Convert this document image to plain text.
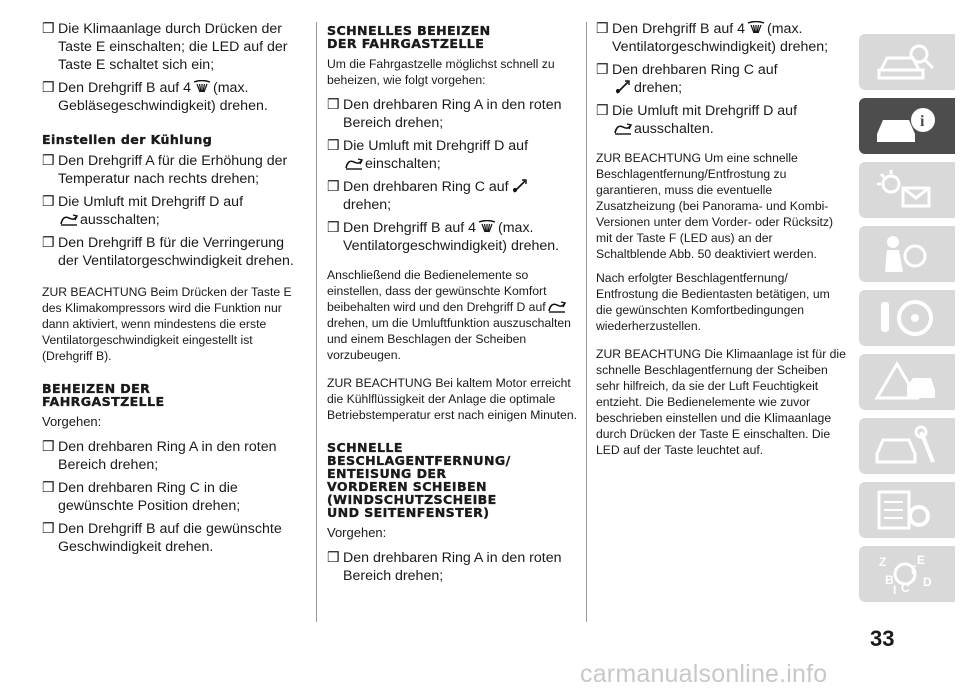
❒ Die Klimaanlage durch Drücken der Taste E einschalten; die LED auf der Taste E schaltet sich ein;

❒ Den Drehgriff B auf 4 (max. Gebläsegeschwindigkeit) drehen.

Einstellen der Kühlung

❒ Den Drehgriff A für die Erhöhung der Temperatur nach rechts drehen;

❒ Die Umluft mit Drehgriff D auf
ausschalten;

❒ Den Drehgriff B für die Verringerung der Ventilatorgeschwindigkeit drehen.

ZUR BEACHTUNG Beim Drücken der Taste E des Klimakompressors wird die Funktion nur dann aktiviert, wenn mindestens die erste Ventilatorgeschwindigkeit eingestellt ist (Drehgriff B).

BEHEIZEN DER
FAHRGASTZELLE

Vorgehen:

❒ Den drehbaren Ring A in den roten Bereich drehen;

❒ Den drehbaren Ring C in die gewünschte Position drehen;

❒ Den Drehgriff B auf die gewünschte Geschwindigkeit drehen.

SCHNELLES BEHEIZEN
DER FAHRGASTZELLE

Um die Fahrgastzelle möglichst schnell zu beheizen, wie folgt vorgehen:

❒ Den drehbaren Ring A in den roten Bereich drehen;

❒ Die Umluft mit Drehgriff D auf
einschalten;

❒ Den drehbaren Ring C aufdrehen;

❒ Den Drehgriff B auf 4 (max. Ventilatorgeschwindigkeit) drehen.

Anschließend die Bedienelemente so einstellen, dass der gewünschte Komfort beibehalten wird und den Drehgriff D aufdrehen, um die Umluftfunktion auszuschalten und einem Beschlagen der Scheiben vorzubeugen.

ZUR BEACHTUNG Bei kaltem Motor erreicht die Kühlflüssigkeit der Anlage die optimale Betriebstemperatur erst nach einigen Minuten.

SCHNELLE
BESCHLAGENTFERNUNG/
ENTEISUNG DER
VORDEREN SCHEIBEN
(WINDSCHUTZSCHEIBE
UND SEITENFENSTER)

Vorgehen:

❒ Den drehbaren Ring A in den roten Bereich drehen;

❒ Den Drehgriff B auf 4 (max. Ventilatorgeschwindigkeit) drehen;

❒ Den drehbaren Ring C auf
drehen;

❒ Die Umluft mit Drehgriff D auf
ausschalten.

ZUR BEACHTUNG Um eine schnelle Beschlagentfernung/Entfrostung zu garantieren, muss die eventuelle Zusatzheizung (bei Panorama- und Kombi-Versionen unter dem Vorder- oder Rücksitz) mit der Taste F (LED aus) an der Schaltblende Abb. 50 deaktiviert werden.

Nach erfolgter Beschlagentfernung/ Entfrostung die Bedientasten betätigen, um die gewünschten Komfortbedingungen wiederherzustellen.

ZUR BEACHTUNG Die Klimaanlage ist für die schnelle Beschlagentfernung der Scheiben sehr hilfreich, da sie der Luft Feuchtigkeit entzieht. Die Bedienelemente wie zuvor beschrieben einstellen und die Klimaanlage durch Drücken der Taste E einschalten. Die LED auf der Taste leuchtet auf.

i
Z	E
B
C D
I
T
33
carmanualsonline.info
